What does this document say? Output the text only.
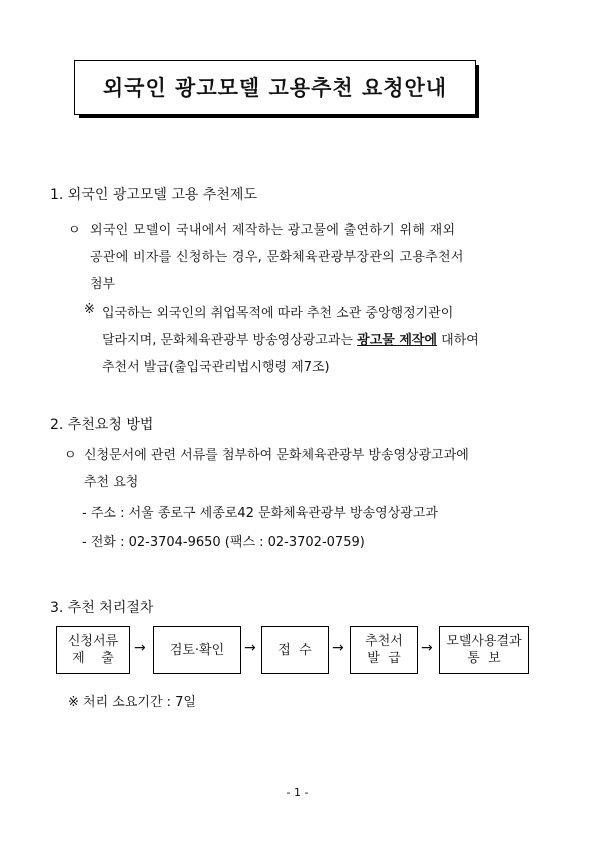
외국인 광고모델 고용추천 요청안내
1. 외국인 광고모델 고용 추천제도
ㅇ 외국인 모델이 국내에서 제작하는 광고물에 출연하기 위해 재외
공관에 비자를 신청하는 경우, 문화체육관광부장관의 고용추천서
첨부
※ 입국하는 외국인의 취업목적에 따라 추천 소관 중앙행정기관이
달라지며, 문화체육관광부 방송영상광고과는 광고물 제작에 대하여
추천서 발급(출입국관리법시행령 제7조)
2. 추천요청 방법
ㅇ 신청문서에 관련 서류를 첨부하여 문화체육관광부 방송영상광고과에
추천 요청
- 주소 : 서울 종로구 세종로42 문화체육관광부 방송영상광고과
- 전화 : 02-3704-9650 (팩스 : 02-3702-0759)
3. 추천 처리절차
신청서류
제    출
→ 검토·확인 → 접  수 → 추천서
발  급
→ 모델사용결과
통  보
※ 처리 소요기간 : 7일
- 1 -
